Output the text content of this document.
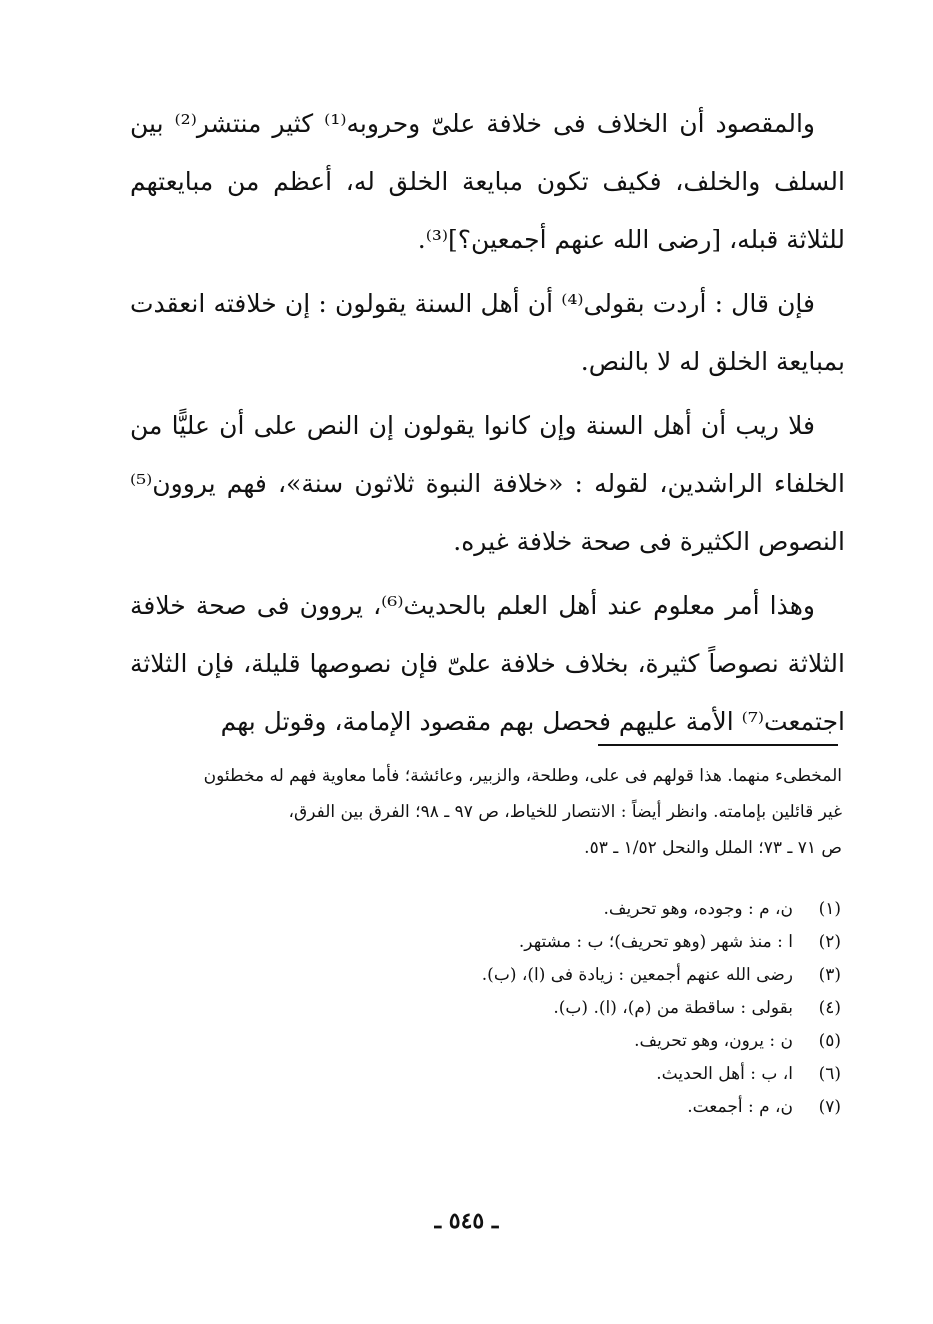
والمقصود أن الخلاف فى خلافة علىّ وحروبه⁽¹⁾ كثير منتشر⁽²⁾ بين السلف والخلف، فكيف تكون مبايعة الخلق له، أعظم من مبايعتهم للثلاثة قبله، [رضى الله عنهم أجمعين؟]⁽³⁾.

فإن قال : أردت بقولى⁽⁴⁾ أن أهل السنة يقولون : إن خلافته انعقدت بمبايعة الخلق له لا بالنص.

فلا ريب أن أهل السنة وإن كانوا يقولون إن النص على أن عليًّا من الخلفاء الراشدين، لقوله : «خلافة النبوة ثلاثون سنة»، فهم يروون⁽⁵⁾ النصوص الكثيرة فى صحة خلافة غيره.

وهذا أمر معلوم عند أهل العلم بالحديث⁽⁶⁾، يروون فى صحة خلافة الثلاثة نصوصاً كثيرة، بخلاف خلافة علىّ فإن نصوصها قليلة، فإن الثلاثة اجتمعت⁽⁷⁾ الأمة عليهم فحصل بهم مقصود الإمامة، وقوتل بهم

المخطىء منهما. هذا قولهم فى على، وطلحة، والزبير، وعائشة؛ فأما معاوية فهم له مخطئون

غير قائلين بإمامته. وانظر أيضاً : الانتصار للخياط، ص ٩٧ ـ ٩٨؛ الفرق بين الفرق،

ص ٧١ ـ ٧٣؛ الملل والنحل ١/٥٢ ـ ٥٣.

(١)
ن، م : وجوده، وهو تحريف.
(٢)
ا : منذ شهر (وهو تحريف)؛ ب : مشتهر.
(٣)
رضى الله عنهم أجمعين : زيادة فى (ا)، (ب).
(٤)
بقولى : ساقطة من (م)، (ا). (ب).
(٥)
ن : يرون، وهو تحريف.
(٦)
ا، ب : أهل الحديث.
(٧)
ن، م : أجمعت.
ـ ٥٤٥ ـ
